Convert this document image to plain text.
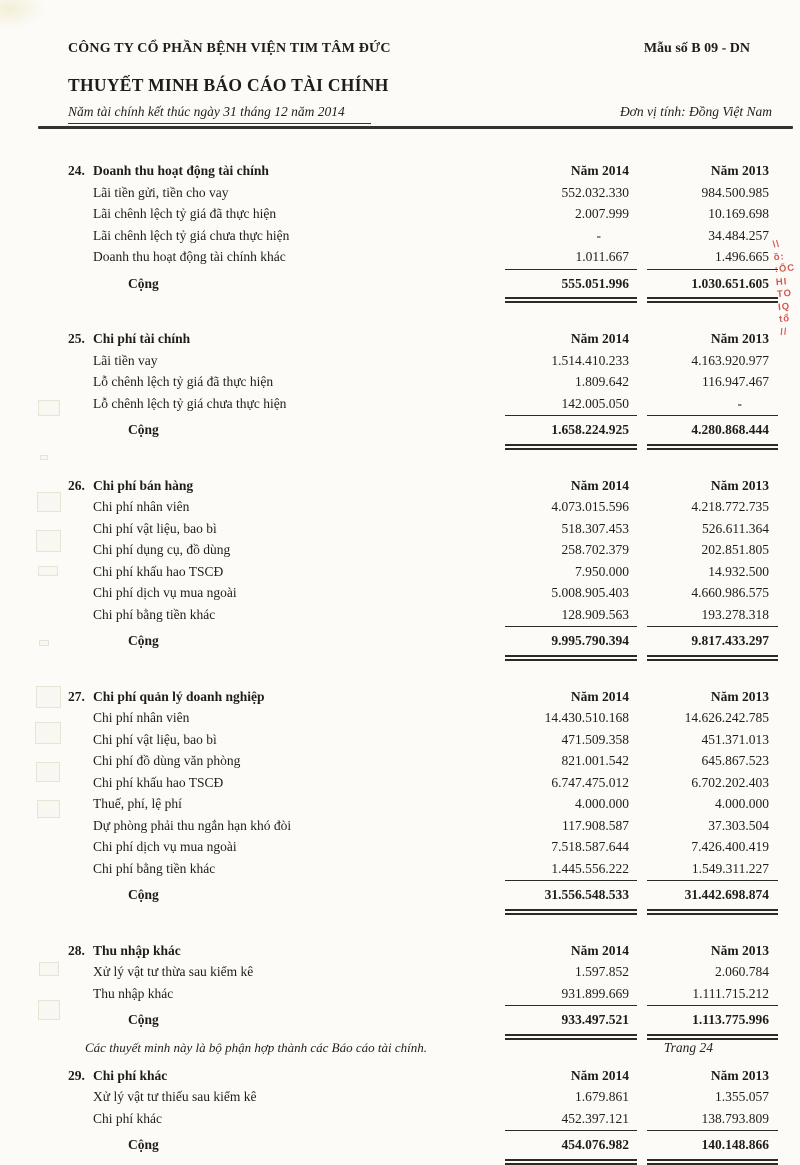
CÔNG TY CỔ PHẦN BỆNH VIỆN TIM TÂM ĐỨC	Mẫu số B 09 - DN
THUYẾT MINH BÁO CÁO TÀI CHÍNH
Năm tài chính kết thúc ngày 31 tháng 12 năm 2014	Đơn vị tính: Đồng Việt Nam
24. Doanh thu hoạt động tài chính	Năm 2014	Năm 2013
Lãi tiền gửi, tiền cho vay	552.032.330	984.500.985
Lãi chênh lệch tỷ giá đã thực hiện	2.007.999	10.169.698
Lãi chênh lệch tỷ giá chưa thực hiện	-	34.484.257
Doanh thu hoạt động tài chính khác	1.011.667	1.496.665
Cộng	555.051.996	1.030.651.605
25. Chi phí tài chính	Năm 2014	Năm 2013
Lãi tiền vay	1.514.410.233	4.163.920.977
Lỗ chênh lệch tỷ giá đã thực hiện	1.809.642	116.947.467
Lỗ chênh lệch tỷ giá chưa thực hiện	142.005.050	-
Cộng	1.658.224.925	4.280.868.444
26. Chi phí bán hàng	Năm 2014	Năm 2013
Chi phí nhân viên	4.073.015.596	4.218.772.735
Chi phí vật liệu, bao bì	518.307.453	526.611.364
Chi phí dụng cụ, đồ dùng	258.702.379	202.851.805
Chi phí khấu hao TSCĐ	7.950.000	14.932.500
Chi phí dịch vụ mua ngoài	5.008.905.403	4.660.986.575
Chi phí bằng tiền khác	128.909.563	193.278.318
Cộng	9.995.790.394	9.817.433.297
27. Chi phí quản lý doanh nghiệp	Năm 2014	Năm 2013
Chi phí nhân viên	14.430.510.168	14.626.242.785
Chi phí vật liệu, bao bì	471.509.358	451.371.013
Chi phí đồ dùng văn phòng	821.001.542	645.867.523
Chi phí khấu hao TSCĐ	6.747.475.012	6.702.202.403
Thuế, phí, lệ phí	4.000.000	4.000.000
Dự phòng phải thu ngắn hạn khó đòi	117.908.587	37.303.504
Chi phí dịch vụ mua ngoài	7.518.587.644	7.426.400.419
Chi phí bằng tiền khác	1.445.556.222	1.549.311.227
Cộng	31.556.548.533	31.442.698.874
28. Thu nhập khác	Năm 2014	Năm 2013
Xử lý vật tư thừa sau kiểm kê	1.597.852	2.060.784
Thu nhập khác	931.899.669	1.111.715.212
Cộng	933.497.521	1.113.775.996
29. Chi phí khác	Năm 2014	Năm 2013
Xử lý vật tư thiếu sau kiểm kê	1.679.861	1.355.057
Chi phí khác	452.397.121	138.793.809
Cộng	454.076.982	140.148.866
Các thuyết minh này là bộ phận hợp thành các Báo cáo tài chính.	Trang 24
\\
ồ:
:ỐC
HI
TO
IQ
tổ
//
